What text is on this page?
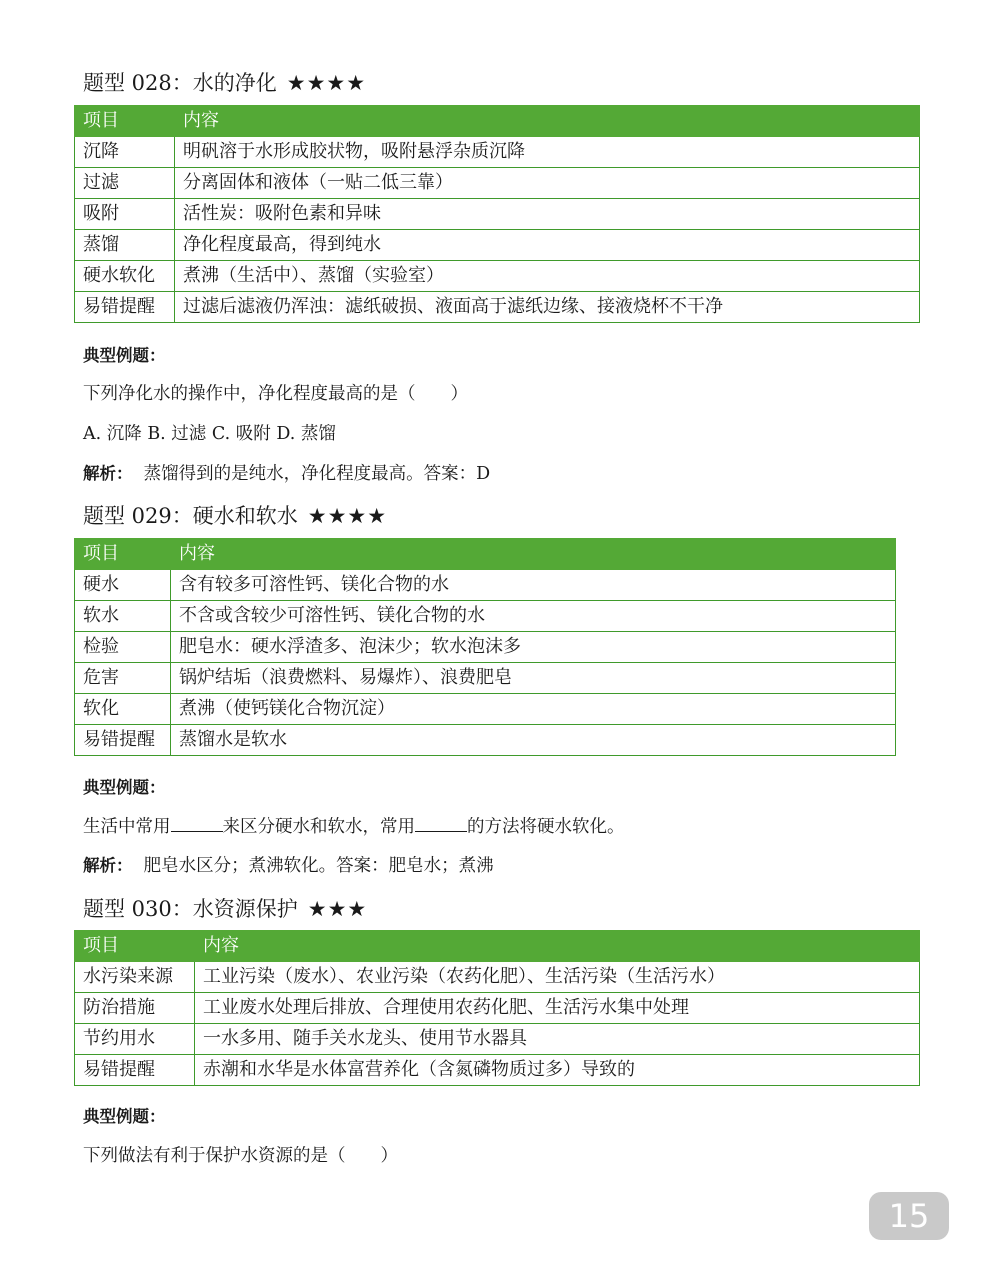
题型 028：水的净化 ★★★★
项目	内容
沉降	明矾溶于水形成胶状物，吸附悬浮杂质沉降
过滤	分离固体和液体（一贴二低三靠）
吸附	活性炭：吸附色素和异味
蒸馏	净化程度最高，得到纯水
硬水软化	煮沸（生活中）、蒸馏（实验室）
易错提醒	过滤后滤液仍浑浊：滤纸破损、液面高于滤纸边缘、接液烧杯不干净
典型例题：
下列净化水的操作中，净化程度最高的是（　　）
A. 沉降 B. 过滤 C. 吸附 D. 蒸馏
解析： 蒸馏得到的是纯水，净化程度最高。答案：D
题型 029：硬水和软水 ★★★★
项目	内容
硬水	含有较多可溶性钙、镁化合物的水
软水	不含或含较少可溶性钙、镁化合物的水
检验	肥皂水：硬水浮渣多、泡沫少；软水泡沫多
危害	锅炉结垢（浪费燃料、易爆炸）、浪费肥皂
软化	煮沸（使钙镁化合物沉淀）
易错提醒	蒸馏水是软水
典型例题：
生活中常用	来区分硬水和软水，常用	的方法将硬水软化。
解析： 肥皂水区分；煮沸软化。答案：肥皂水；煮沸
题型 030：水资源保护 ★★★
项目	内容
水污染来源	工业污染（废水）、农业污染（农药化肥）、生活污染（生活污水）
防治措施	工业废水处理后排放、合理使用农药化肥、生活污水集中处理
节约用水	一水多用、随手关水龙头、使用节水器具
易错提醒	赤潮和水华是水体富营养化（含氮磷物质过多）导致的
典型例题：
下列做法有利于保护水资源的是（　　）
15
